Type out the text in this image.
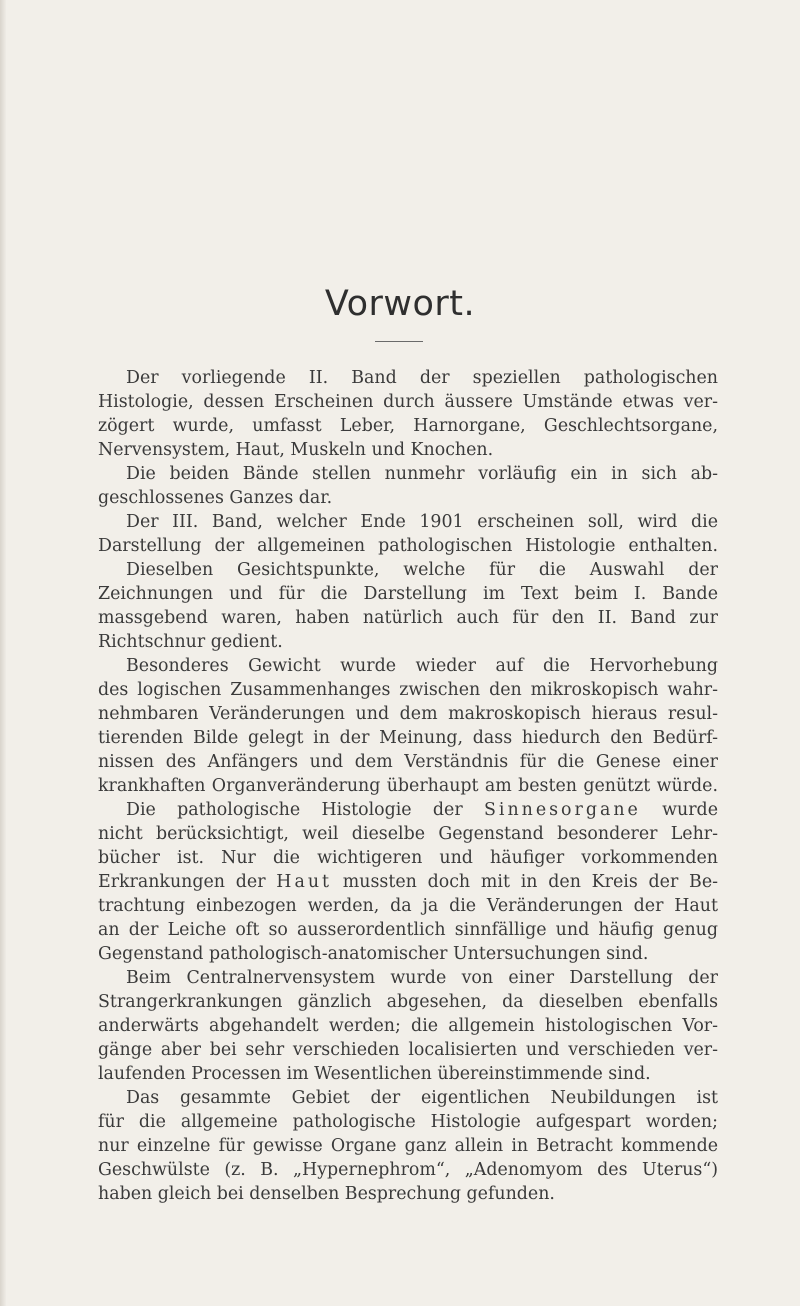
Vorwort.
Der vorliegende II. Band der speziellen pathologischen
Histologie, dessen Erscheinen durch äussere Umstände etwas ver-
zögert wurde, umfasst Leber, Harnorgane, Geschlechtsorgane,
Nervensystem, Haut, Muskeln und Knochen.
Die beiden Bände stellen nunmehr vorläufig ein in sich ab-
geschlossenes Ganzes dar.
Der III. Band, welcher Ende 1901 erscheinen soll, wird die
Darstellung der allgemeinen pathologischen Histologie enthalten.
Dieselben Gesichtspunkte, welche für die Auswahl der
Zeichnungen und für die Darstellung im Text beim I. Bande
massgebend waren, haben natürlich auch für den II. Band zur
Richtschnur gedient.
Besonderes Gewicht wurde wieder auf die Hervorhebung
des logischen Zusammenhanges zwischen den mikroskopisch wahr-
nehmbaren Veränderungen und dem makroskopisch hieraus resul-
tierenden Bilde gelegt in der Meinung, dass hiedurch den Bedürf-
nissen des Anfängers und dem Verständnis für die Genese einer
krankhaften Organveränderung überhaupt am besten genützt würde.
Die pathologische Histologie der Sinnesorgane wurde
nicht berücksichtigt, weil dieselbe Gegenstand besonderer Lehr-
bücher ist. Nur die wichtigeren und häufiger vorkommenden
Erkrankungen der Haut mussten doch mit in den Kreis der Be-
trachtung einbezogen werden, da ja die Veränderungen der Haut
an der Leiche oft so ausserordentlich sinnfällige und häufig genug
Gegenstand pathologisch-anatomischer Untersuchungen sind.
Beim Centralnervensystem wurde von einer Darstellung der
Strangerkrankungen gänzlich abgesehen, da dieselben ebenfalls
anderwärts abgehandelt werden; die allgemein histologischen Vor-
gänge aber bei sehr verschieden localisierten und verschieden ver-
laufenden Processen im Wesentlichen übereinstimmende sind.
Das gesammte Gebiet der eigentlichen Neubildungen ist
für die allgemeine pathologische Histologie aufgespart worden;
nur einzelne für gewisse Organe ganz allein in Betracht kommende
Geschwülste (z. B. „Hypernephrom“, „Adenomyom des Uterus“)
haben gleich bei denselben Besprechung gefunden.
